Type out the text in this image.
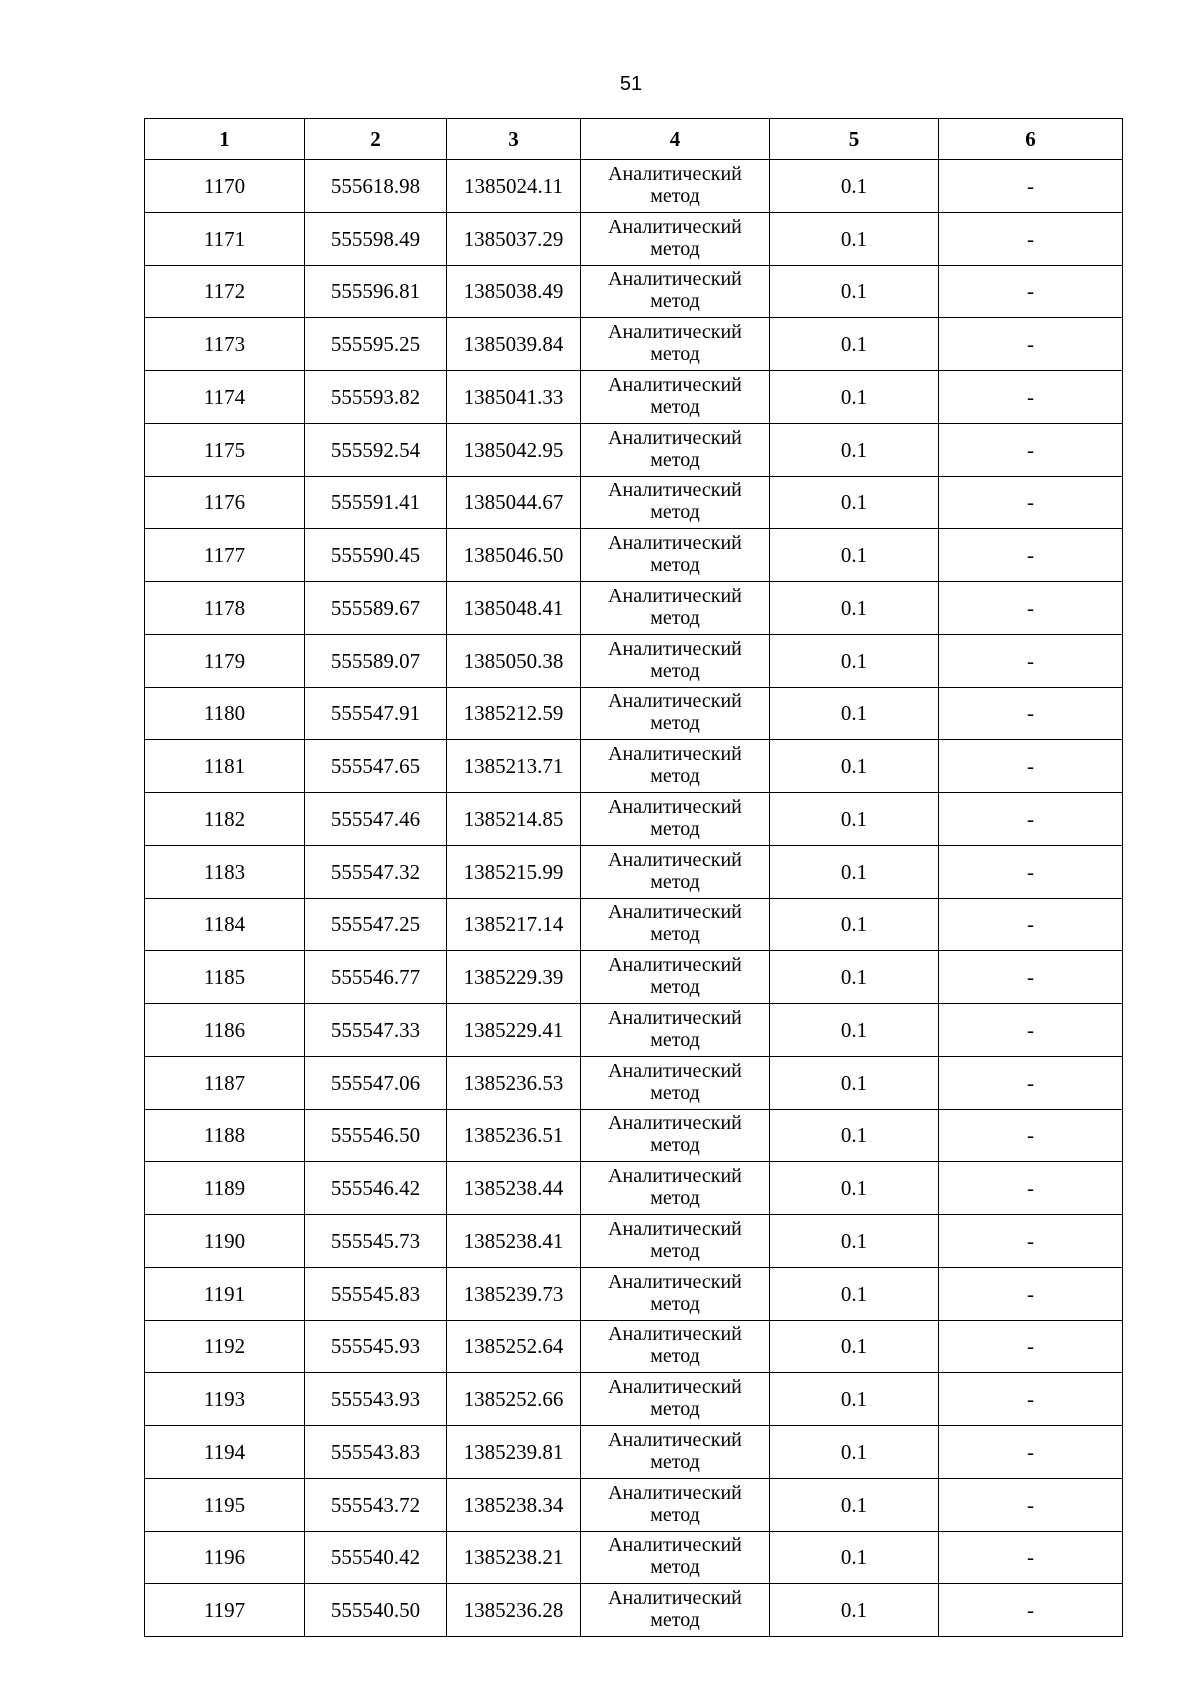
51
1	2	3	4	5	6
1170	555618.98	1385024.11	Аналитический метод	0.1	-
1171	555598.49	1385037.29	Аналитический метод	0.1	-
1172	555596.81	1385038.49	Аналитический метод	0.1	-
1173	555595.25	1385039.84	Аналитический метод	0.1	-
1174	555593.82	1385041.33	Аналитический метод	0.1	-
1175	555592.54	1385042.95	Аналитический метод	0.1	-
1176	555591.41	1385044.67	Аналитический метод	0.1	-
1177	555590.45	1385046.50	Аналитический метод	0.1	-
1178	555589.67	1385048.41	Аналитический метод	0.1	-
1179	555589.07	1385050.38	Аналитический метод	0.1	-
1180	555547.91	1385212.59	Аналитический метод	0.1	-
1181	555547.65	1385213.71	Аналитический метод	0.1	-
1182	555547.46	1385214.85	Аналитический метод	0.1	-
1183	555547.32	1385215.99	Аналитический метод	0.1	-
1184	555547.25	1385217.14	Аналитический метод	0.1	-
1185	555546.77	1385229.39	Аналитический метод	0.1	-
1186	555547.33	1385229.41	Аналитический метод	0.1	-
1187	555547.06	1385236.53	Аналитический метод	0.1	-
1188	555546.50	1385236.51	Аналитический метод	0.1	-
1189	555546.42	1385238.44	Аналитический метод	0.1	-
1190	555545.73	1385238.41	Аналитический метод	0.1	-
1191	555545.83	1385239.73	Аналитический метод	0.1	-
1192	555545.93	1385252.64	Аналитический метод	0.1	-
1193	555543.93	1385252.66	Аналитический метод	0.1	-
1194	555543.83	1385239.81	Аналитический метод	0.1	-
1195	555543.72	1385238.34	Аналитический метод	0.1	-
1196	555540.42	1385238.21	Аналитический метод	0.1	-
1197	555540.50	1385236.28	Аналитический метод	0.1	-
